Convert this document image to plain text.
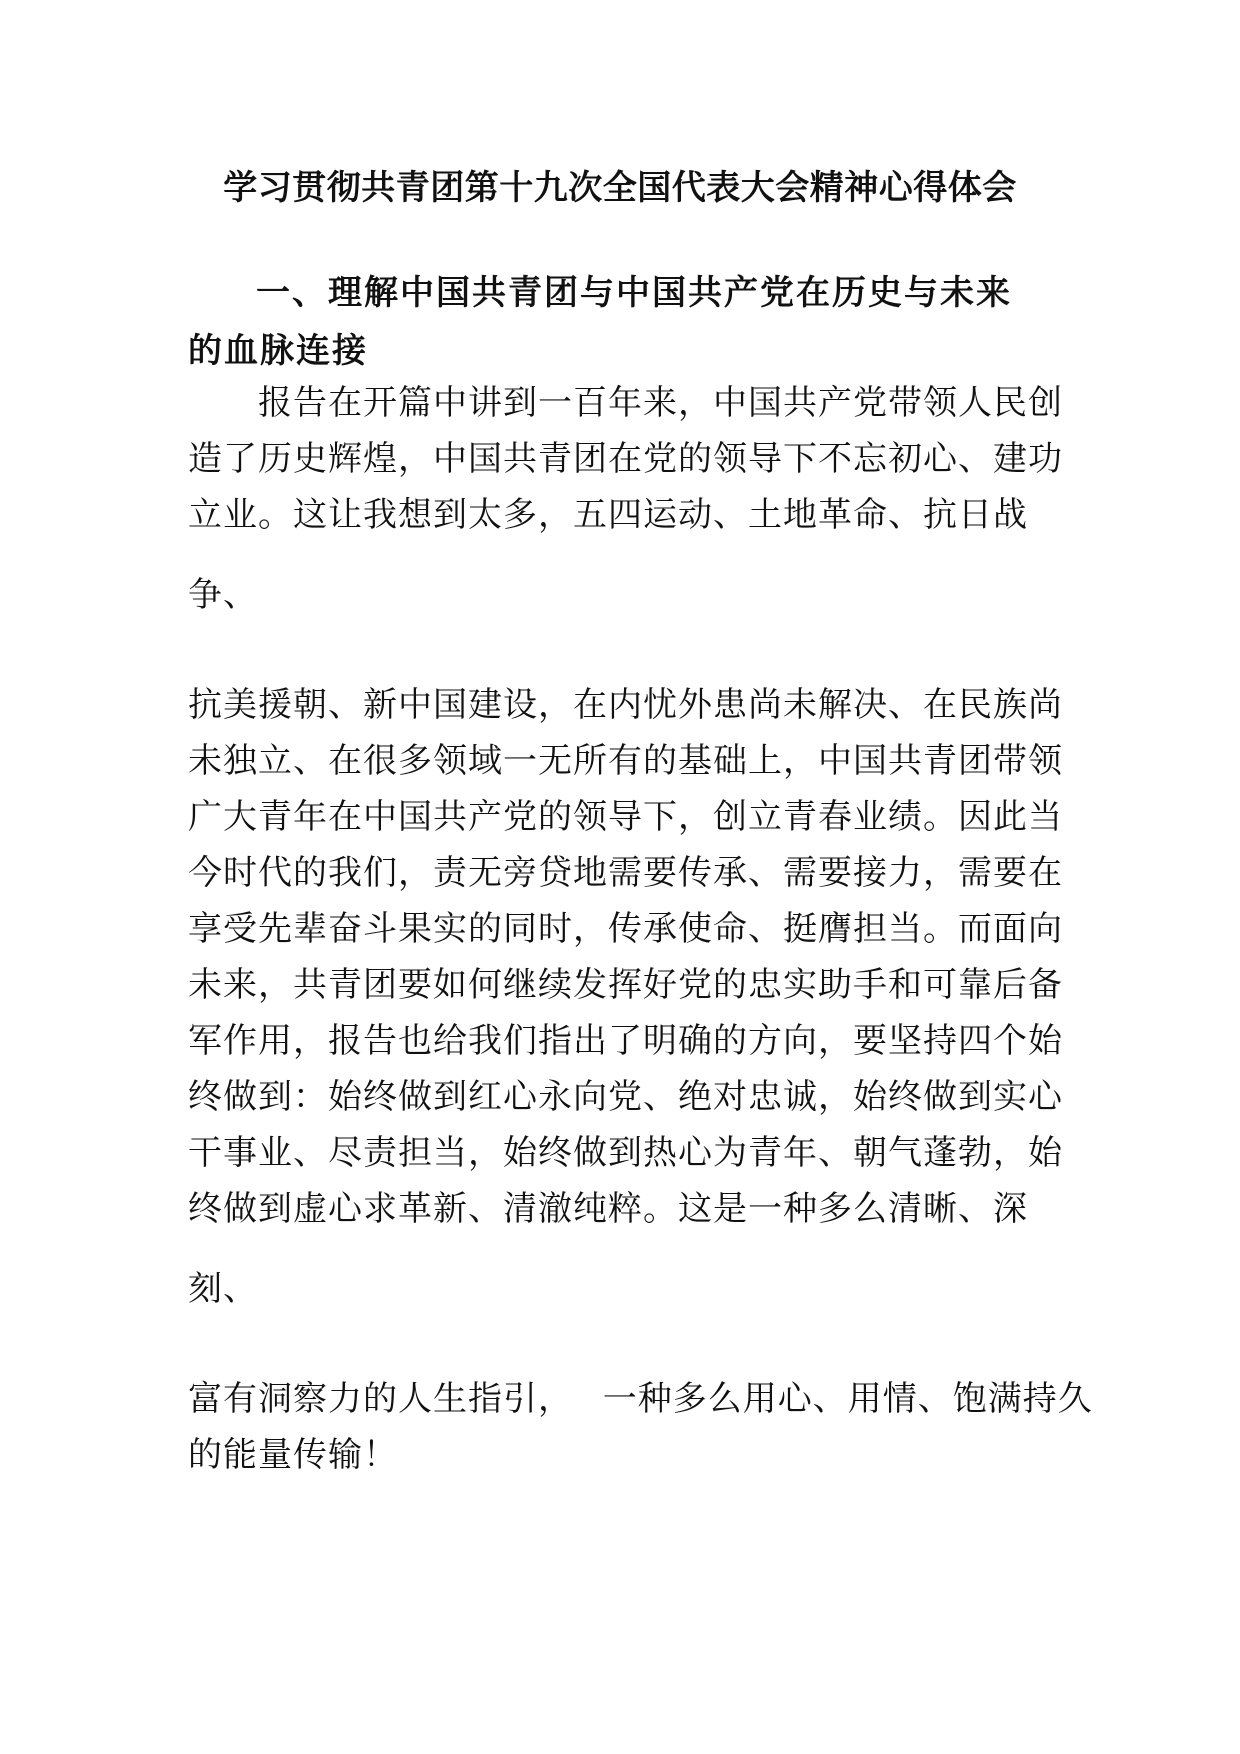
学习贯彻共青团第十九次全国代表大会精神心得体会
一、理解中国共青团与中国共产党在历史与未来的血脉连接
　　报告在开篇中讲到一百年来，中国共产党带领人民创
造了历史辉煌，中国共青团在党的领导下不忘初心、建功
立业。这让我想到太多，五四运动、土地革命、抗日战
争、
抗美援朝、新中国建设，在内忧外患尚未解决、在民族尚
未独立、在很多领域一无所有的基础上，中国共青团带领
广大青年在中国共产党的领导下，创立青春业绩。因此当
今时代的我们，责无旁贷地需要传承、需要接力，需要在
享受先辈奋斗果实的同时，传承使命、挺膺担当。而面向
未来，共青团要如何继续发挥好党的忠实助手和可靠后备
军作用，报告也给我们指出了明确的方向，要坚持四个始
终做到：始终做到红心永向党、绝对忠诚，始终做到实心
干事业、尽责担当，始终做到热心为青年、朝气蓬勃，始
终做到虚心求革新、清澈纯粹。这是一种多么清晰、深
刻、
富有洞察力的人生指引，　 一种多么用心、用情、饱满持久
的能量传输！
